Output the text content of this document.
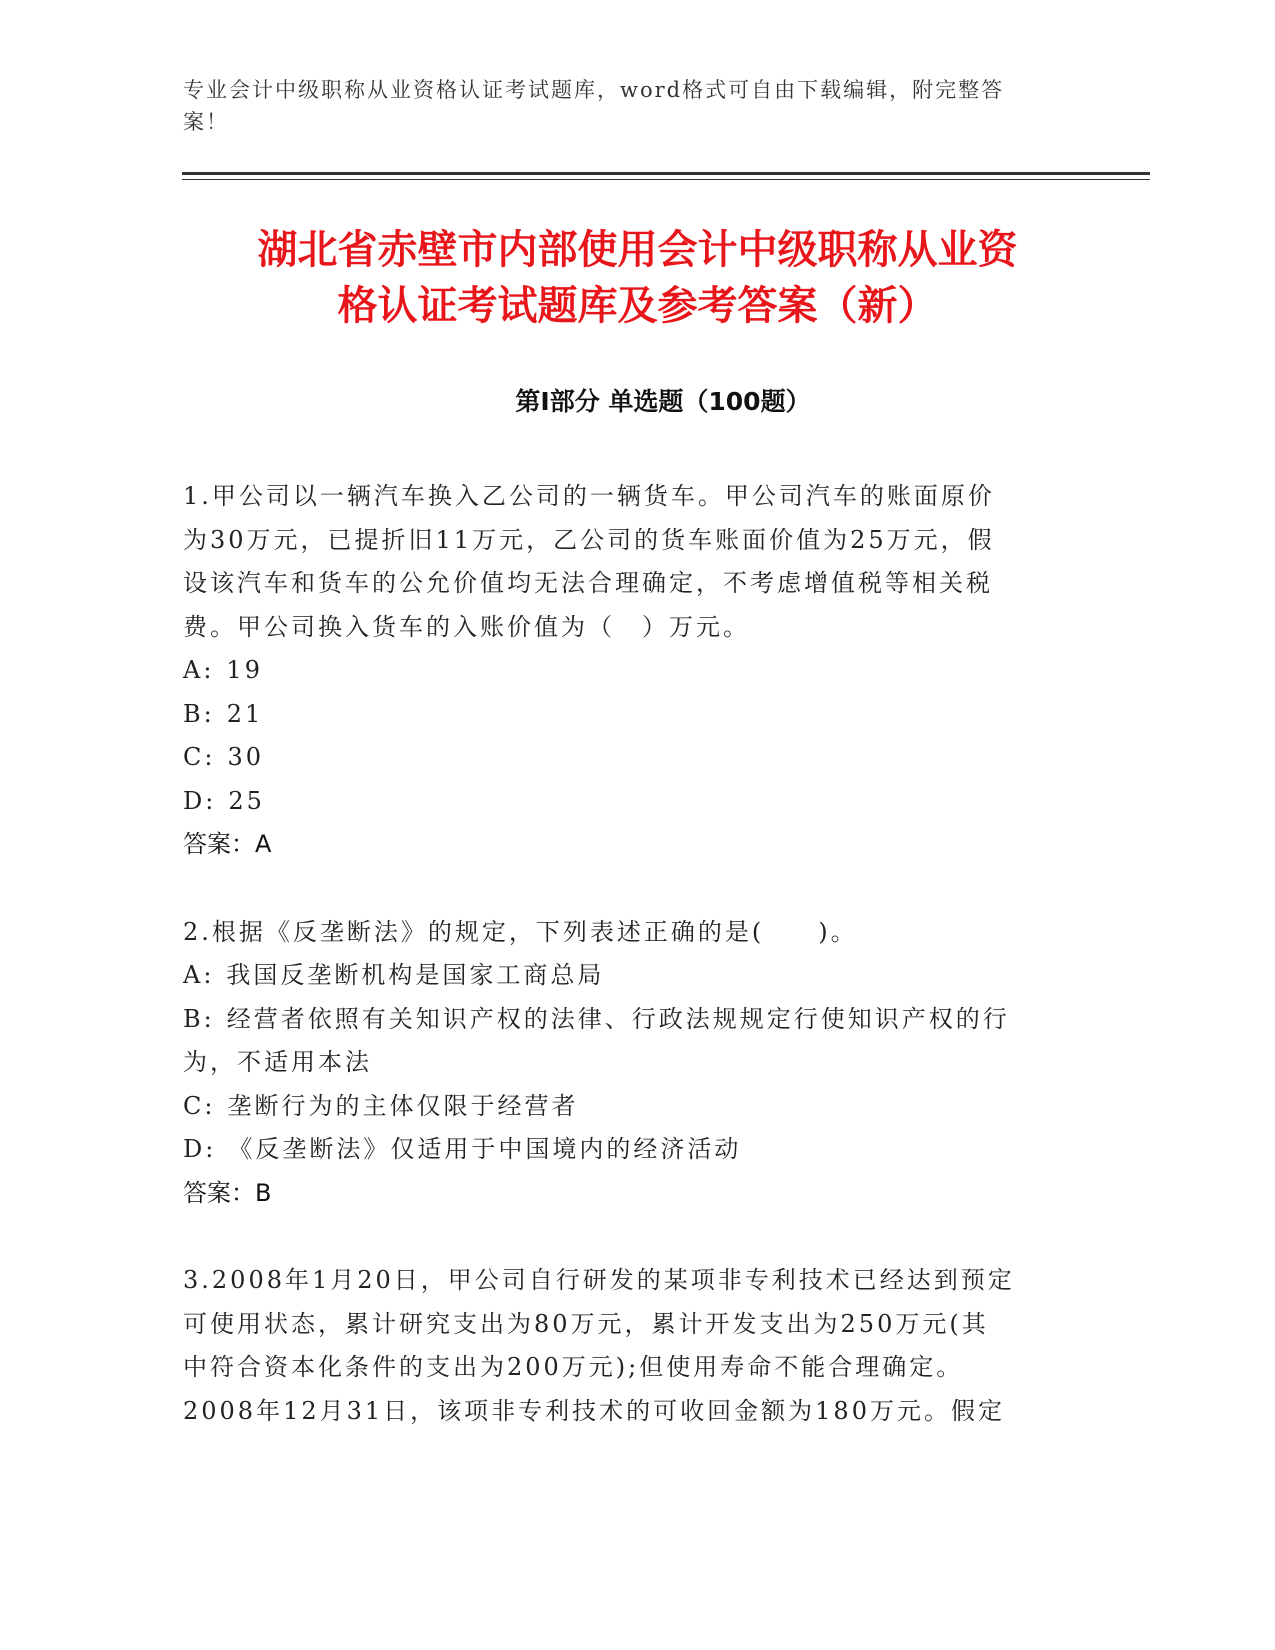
专业会计中级职称从业资格认证考试题库，word格式可自由下载编辑，附完整答案！
湖北省赤壁市内部使用会计中级职称从业资
格认证考试题库及参考答案（新）
第Ⅰ部分 单选题（100题）

1.甲公司以一辆汽车换入乙公司的一辆货车。甲公司汽车的账面原价

为30万元，已提折旧11万元，乙公司的货车账面价值为25万元，假

设该汽车和货车的公允价值均无法合理确定，不考虑增值税等相关税

费。甲公司换入货车的入账价值为（　）万元。

A: 19

B: 21

C: 30

D: 25

答案：A

2.根据《反垄断法》的规定，下列表述正确的是(　　)。

A: 我国反垄断机构是国家工商总局

B: 经营者依照有关知识产权的法律、行政法规规定行使知识产权的行

为，不适用本法

C: 垄断行为的主体仅限于经营者

D: 《反垄断法》仅适用于中国境内的经济活动

答案：B

3.2008年1月20日，甲公司自行研发的某项非专利技术已经达到预定

可使用状态，累计研究支出为80万元，累计开发支出为250万元(其

中符合资本化条件的支出为200万元);但使用寿命不能合理确定。

2008年12月31日，该项非专利技术的可收回金额为180万元。假定
